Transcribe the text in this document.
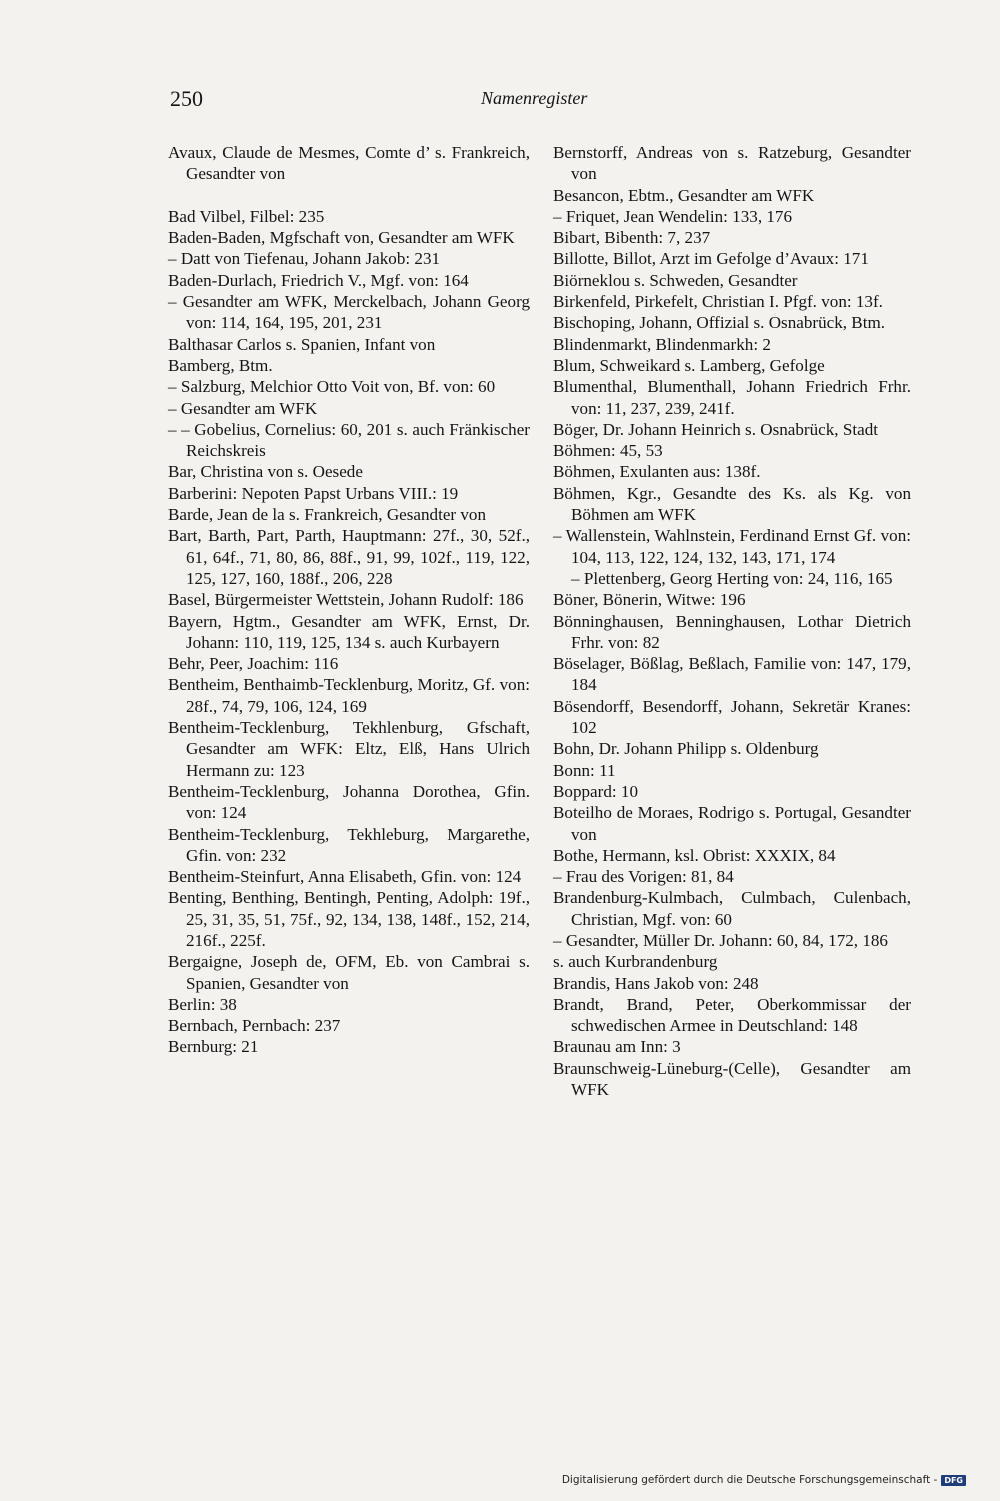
250	Namenregister

Avaux, Claude de Mesmes, Comte d’ s. Frankreich, Gesandter von

Bad Vilbel, Filbel: 235

Baden-Baden, Mgfschaft von, Gesandter am WFK

– Datt von Tiefenau, Johann Jakob: 231

Baden-Durlach, Friedrich V., Mgf. von: 164

– Gesandter am WFK, Merckelbach, Johann Georg von: 114, 164, 195, 201, 231

Balthasar Carlos s. Spanien, Infant von

Bamberg, Btm.

– Salzburg, Melchior Otto Voit von, Bf. von: 60

– Gesandter am WFK

– – Gobelius, Cornelius: 60, 201 s. auch Fränkischer Reichskreis

Bar, Christina von s. Oesede

Barberini: Nepoten Papst Urbans VIII.: 19

Barde, Jean de la s. Frankreich, Gesandter von

Bart, Barth, Part, Parth, Hauptmann: 27f., 30, 52f., 61, 64f., 71, 80, 86, 88f., 91, 99, 102f., 119, 122, 125, 127, 160, 188f., 206, 228

Basel, Bürgermeister Wettstein, Johann Rudolf: 186

Bayern, Hgtm., Gesandter am WFK, Ernst, Dr. Johann: 110, 119, 125, 134 s. auch Kurbayern

Behr, Peer, Joachim: 116

Bentheim, Benthaimb-Tecklenburg, Moritz, Gf. von: 28f., 74, 79, 106, 124, 169

Bentheim-Tecklenburg, Tekhlenburg, Gfschaft, Gesandter am WFK: Eltz, Elß, Hans Ulrich Hermann zu: 123

Bentheim-Tecklenburg, Johanna Dorothea, Gfin. von: 124

Bentheim-Tecklenburg, Tekhleburg, Margarethe, Gfin. von: 232

Bentheim-Steinfurt, Anna Elisabeth, Gfin. von: 124

Benting, Benthing, Bentingh, Penting, Adolph: 19f., 25, 31, 35, 51, 75f., 92, 134, 138, 148f., 152, 214, 216f., 225f.

Bergaigne, Joseph de, OFM, Eb. von Cambrai s. Spanien, Gesandter von

Berlin: 38

Bernbach, Pernbach: 237

Bernburg: 21

Bernstorff, Andreas von s. Ratzeburg, Gesandter von

Besancon, Ebtm., Gesandter am WFK

– Friquet, Jean Wendelin: 133, 176

Bibart, Bibenth: 7, 237

Billotte, Billot, Arzt im Gefolge d’Avaux: 171

Biörneklou s. Schweden, Gesandter

Birkenfeld, Pirkefelt, Christian I. Pfgf. von: 13f.

Bischoping, Johann, Offizial s. Osnabrück, Btm.

Blindenmarkt, Blindenmarkh: 2

Blum, Schweikard s. Lamberg, Gefolge

Blumenthal, Blumenthall, Johann Friedrich Frhr. von: 11, 237, 239, 241f.

Böger, Dr. Johann Heinrich s. Osnabrück, Stadt

Böhmen: 45, 53

Böhmen, Exulanten aus: 138f.

Böhmen, Kgr., Gesandte des Ks. als Kg. von Böhmen am WFK

– Wallenstein, Wahlnstein, Ferdinand Ernst Gf. von: 104, 113, 122, 124, 132, 143, 171, 174

– Plettenberg, Georg Herting von: 24, 116, 165

Böner, Bönerin, Witwe: 196

Bönninghausen, Benninghausen, Lothar Dietrich Frhr. von: 82

Böselager, Bößlag, Beßlach, Familie von: 147, 179, 184

Bösendorff, Besendorff, Johann, Sekretär Kranes: 102

Bohn, Dr. Johann Philipp s. Oldenburg

Bonn: 11

Boppard: 10

Boteilho de Moraes, Rodrigo s. Portugal, Gesandter von

Bothe, Hermann, ksl. Obrist: XXXIX, 84

– Frau des Vorigen: 81, 84

Brandenburg-Kulmbach, Culmbach, Culenbach, Christian, Mgf. von: 60

– Gesandter, Müller Dr. Johann: 60, 84, 172, 186

s. auch Kurbrandenburg

Brandis, Hans Jakob von: 248

Brandt, Brand, Peter, Oberkommissar der schwedischen Armee in Deutschland: 148

Braunau am Inn: 3

Braunschweig-Lüneburg-(Celle), Gesandter am WFK

Digitalisierung gefördert durch die Deutsche Forschungsgemeinschaft - DFG
